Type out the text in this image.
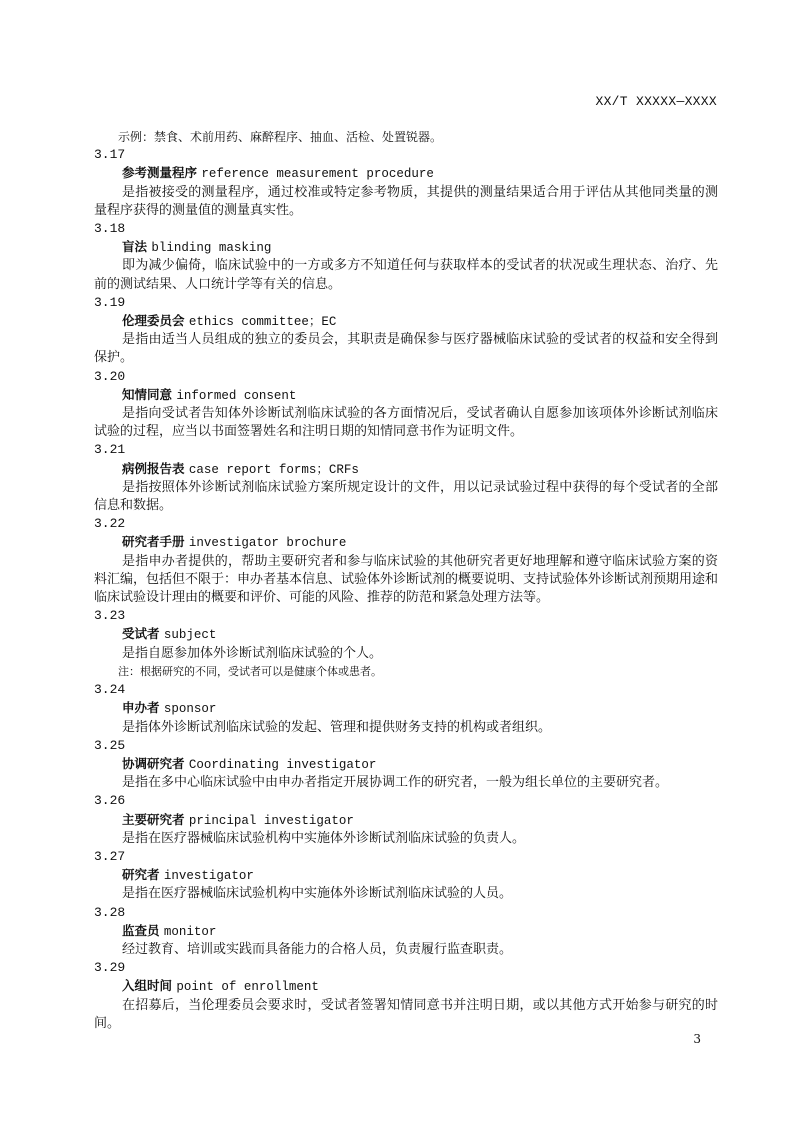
XX/T XXXXX—XXXX
示例：禁食、术前用药、麻醉程序、抽血、活检、处置锐器。
3.17
参考测量程序 reference measurement procedure
是指被接受的测量程序，通过校准或特定参考物质，其提供的测量结果适合用于评估从其他同类量的测量程序获得的测量值的测量真实性。
3.18
盲法 blinding masking
即为减少偏倚，临床试验中的一方或多方不知道任何与获取样本的受试者的状况或生理状态、治疗、先前的测试结果、人口统计学等有关的信息。
3.19
伦理委员会 ethics committee；EC
是指由适当人员组成的独立的委员会，其职责是确保参与医疗器械临床试验的受试者的权益和安全得到保护。
3.20
知情同意 informed consent
是指向受试者告知体外诊断试剂临床试验的各方面情况后，受试者确认自愿参加该项体外诊断试剂临床试验的过程，应当以书面签署姓名和注明日期的知情同意书作为证明文件。
3.21
病例报告表 case report forms；CRFs
是指按照体外诊断试剂临床试验方案所规定设计的文件，用以记录试验过程中获得的每个受试者的全部信息和数据。
3.22
研究者手册 investigator brochure
是指申办者提供的，帮助主要研究者和参与临床试验的其他研究者更好地理解和遵守临床试验方案的资料汇编，包括但不限于：申办者基本信息、试验体外诊断试剂的概要说明、支持试验体外诊断试剂预期用途和临床试验设计理由的概要和评价、可能的风险、推荐的防范和紧急处理方法等。
3.23
受试者 subject
是指自愿参加体外诊断试剂临床试验的个人。
注：根据研究的不同，受试者可以是健康个体或患者。
3.24
申办者 sponsor
是指体外诊断试剂临床试验的发起、管理和提供财务支持的机构或者组织。
3.25
协调研究者 Coordinating investigator
是指在多中心临床试验中由申办者指定开展协调工作的研究者，一般为组长单位的主要研究者。
3.26
主要研究者 principal investigator
是指在医疗器械临床试验机构中实施体外诊断试剂临床试验的负责人。
3.27
研究者 investigator
是指在医疗器械临床试验机构中实施体外诊断试剂临床试验的人员。
3.28
监查员 monitor
经过教育、培训或实践而具备能力的合格人员，负责履行监查职责。
3.29
入组时间 point of enrollment
在招募后，当伦理委员会要求时，受试者签署知情同意书并注明日期，或以其他方式开始参与研究的时间。
3
